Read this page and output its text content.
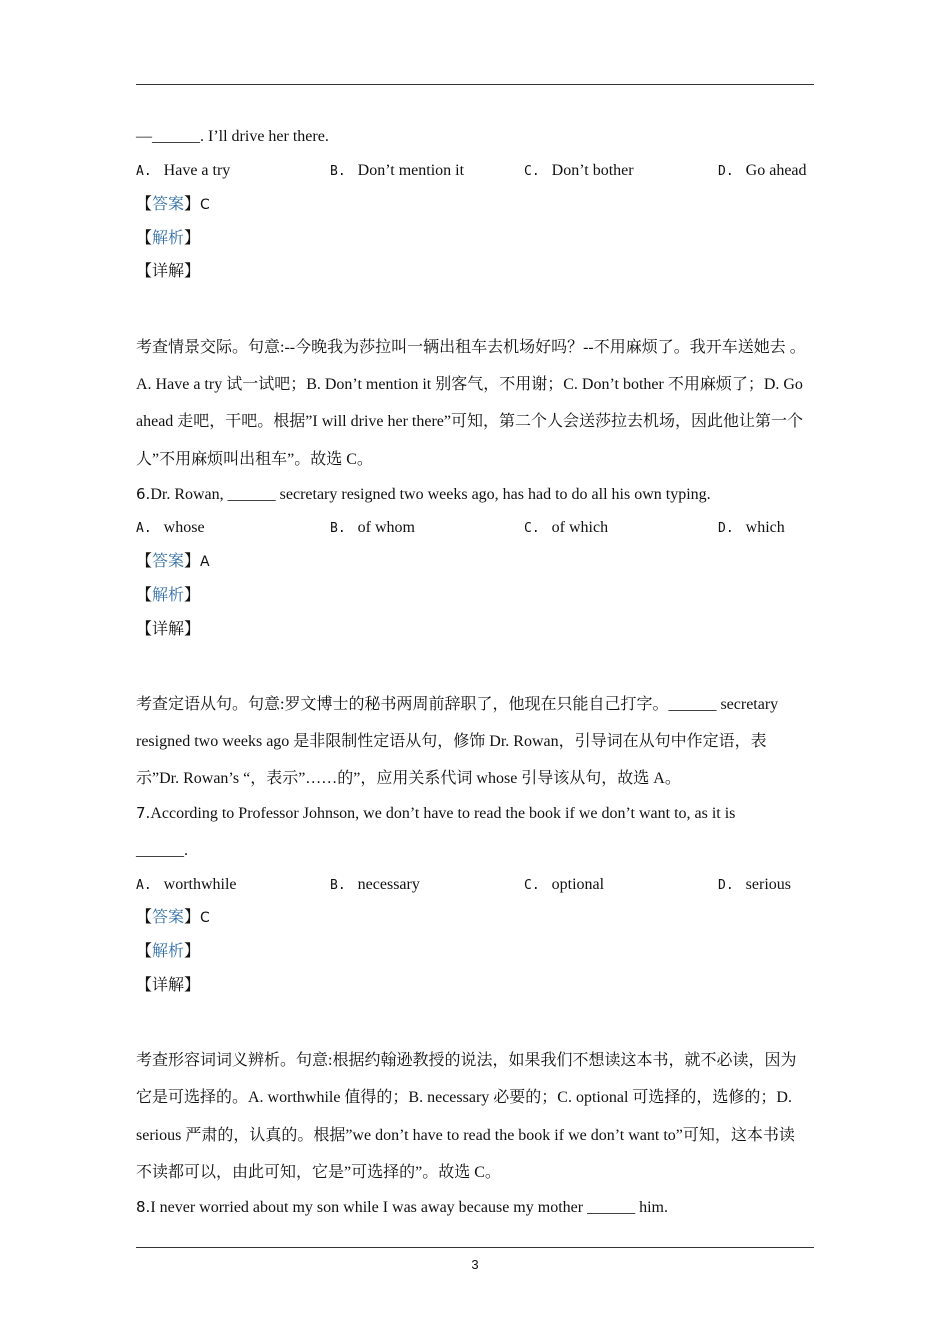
—______. I’ll drive her there.
A. Have a try	B. Don’t mention it	C. Don’t bother	D. Go ahead
【答案】C
【解析】
【详解】
考查情景交际。句意:--今晚我为莎拉叫一辆出租车去机场好吗？--不用麻烦了。我开车送她去 。
A. Have a try 试一试吧；B. Don’t mention it 别客气，不用谢；C. Don’t bother 不用麻烦了；D. Go
ahead 走吧，干吧。根据”I will drive her there”可知，第二个人会送莎拉去机场，因此他让第一个
人”不用麻烦叫出租车”。故选 C。
6.Dr. Rowan, ______ secretary resigned two weeks ago, has had to do all his own typing.
A. whose	B. of whom	C. of which	D. which
【答案】A
【解析】
【详解】
考查定语从句。句意:罗文博士的秘书两周前辞职了，他现在只能自己打字。______ secretary
resigned two weeks ago 是非限制性定语从句，修饰 Dr. Rowan，引导词在从句中作定语，表
示”Dr. Rowan’s “，表示”……的”，应用关系代词 whose 引导该从句，故选 A。
7.According to Professor Johnson, we don’t have to read the book if we don’t want to, as it is
______.
A. worthwhile	B. necessary	C. optional	D. serious
【答案】C
【解析】
【详解】
考查形容词词义辨析。句意:根据约翰逊教授的说法，如果我们不想读这本书，就不必读，因为
它是可选择的。A. worthwhile 值得的；B. necessary 必要的；C. optional 可选择的，选修的；D.
serious 严肃的，认真的。根据”we don’t have to read the book if we don’t want to”可知，这本书读
不读都可以，由此可知，它是”可选择的”。故选 C。
8.I never worried about my son while I was away because my mother ______ him.
3
